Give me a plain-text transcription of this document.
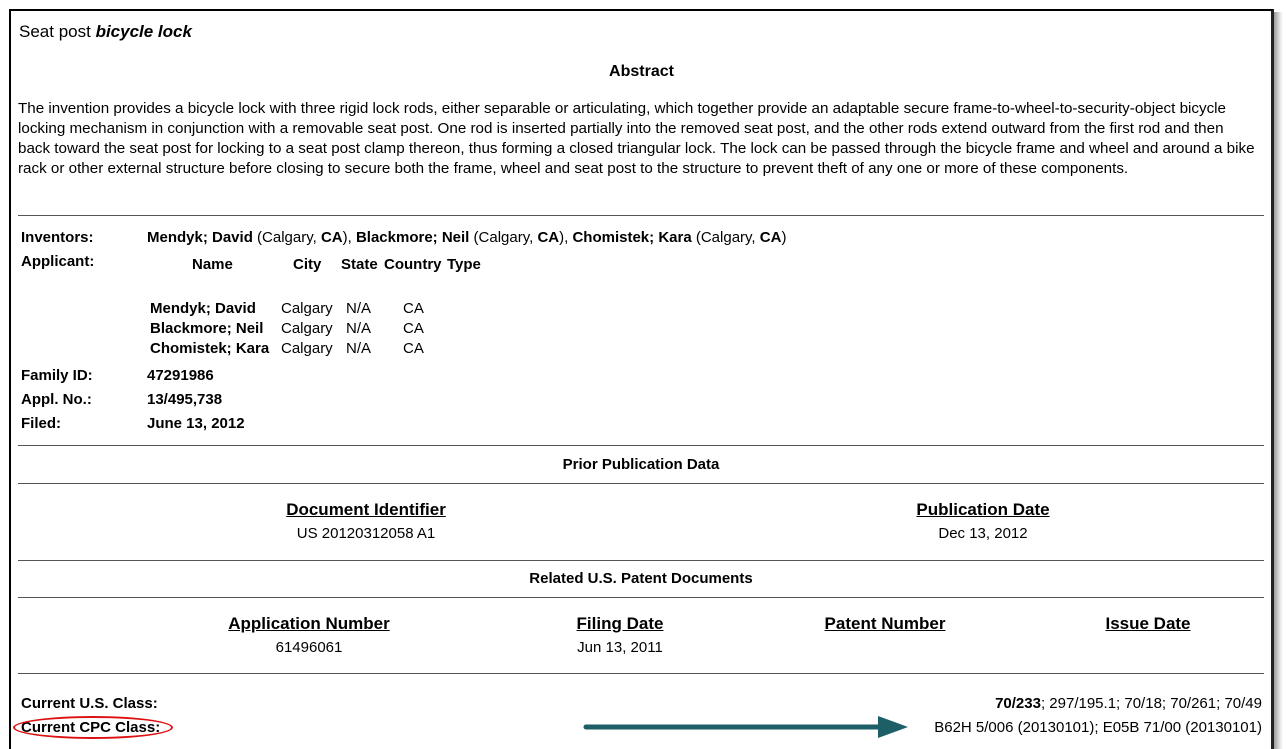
Seat post bicycle lock
Abstract
The invention provides a bicycle lock with three rigid lock rods, either separable or articulating, which together provide an adaptable secure frame-to-wheel-to-security-object bicycle locking mechanism in conjunction with a removable seat post. One rod is inserted partially into the removed seat post, and the other rods extend outward from the first rod and then back toward the seat post for locking to a seat post clamp thereon, thus forming a closed triangular lock. The lock can be passed through the bicycle frame and wheel and around a bike rack or other external structure before closing to secure both the frame, wheel and seat post to the structure to prevent theft of any one or more of these components.
Inventors:	Mendyk; David (Calgary, CA), Blackmore; Neil (Calgary, CA), Chomistek; Kara (Calgary, CA)
Applicant:	Name	City State Country Type
Mendyk; David Calgary N/A CA
Blackmore; Neil Calgary N/A CA
Chomistek; Kara Calgary N/A CA
Family ID:	47291986
Appl. No.:	13/495,738
Filed:	June 13, 2012
Prior Publication Data
Document Identifier
US 20120312058 A1
Publication Date
Dec 13, 2012
Related U.S. Patent Documents
Application Number
61496061
Filing Date
Jun 13, 2011
Patent Number	Issue Date
Current U.S. Class:	70/233; 297/195.1; 70/18; 70/261; 70/49
Current CPC Class:	B62H 5/006 (20130101); E05B 71/00 (20130101)
